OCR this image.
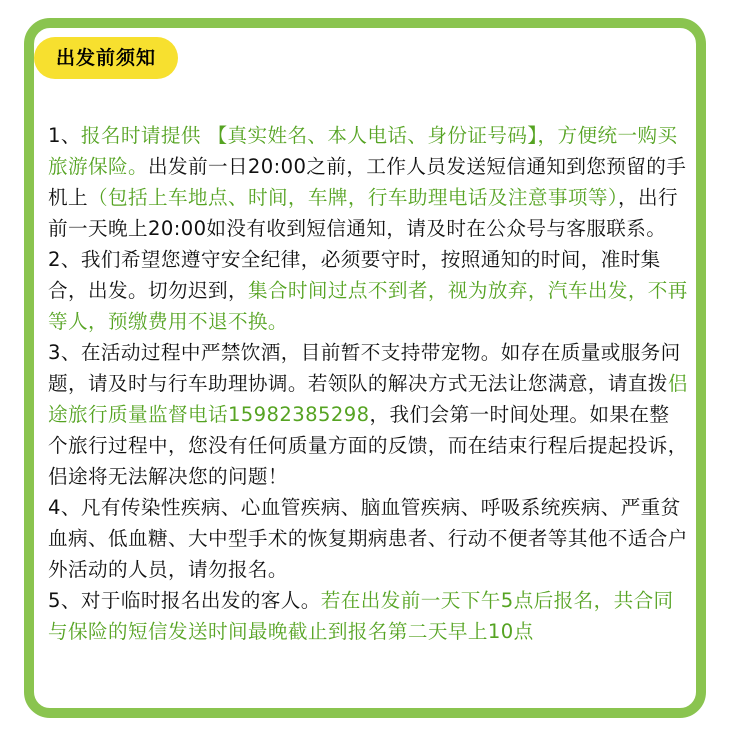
出发前须知

1、报名时请提供 【真实姓名、本人电话、身份证号码】，方便统一购买旅游保险。出发前一日20:00之前，工作人员发送短信通知到您预留的手机上（包括上车地点、时间，车牌，行车助理电话及注意事项等），出行前一天晚上20:00如没有收到短信通知，请及时在公众号与客服联系。

2、我们希望您遵守安全纪律，必须要守时，按照通知的时间，准时集合，出发。切勿迟到，集合时间过点不到者，视为放弃，汽车出发，不再等人，预缴费用不退不换。

3、在活动过程中严禁饮酒，目前暂不支持带宠物。如存在质量或服务问题，请及时与行车助理协调。若领队的解决方式无法让您满意，请直拨侣途旅行质量监督电话15982385298，我们会第一时间处理。如果在整个旅行过程中，您没有任何质量方面的反馈，而在结束行程后提起投诉，侣途将无法解决您的问题！

4、凡有传染性疾病、心血管疾病、脑血管疾病、呼吸系统疾病、严重贫血病、低血糖、大中型手术的恢复期病患者、行动不便者等其他不适合户外活动的人员，请勿报名。

5、对于临时报名出发的客人。若在出发前一天下午5点后报名，共合同与保险的短信发送时间最晚截止到报名第二天早上10点
